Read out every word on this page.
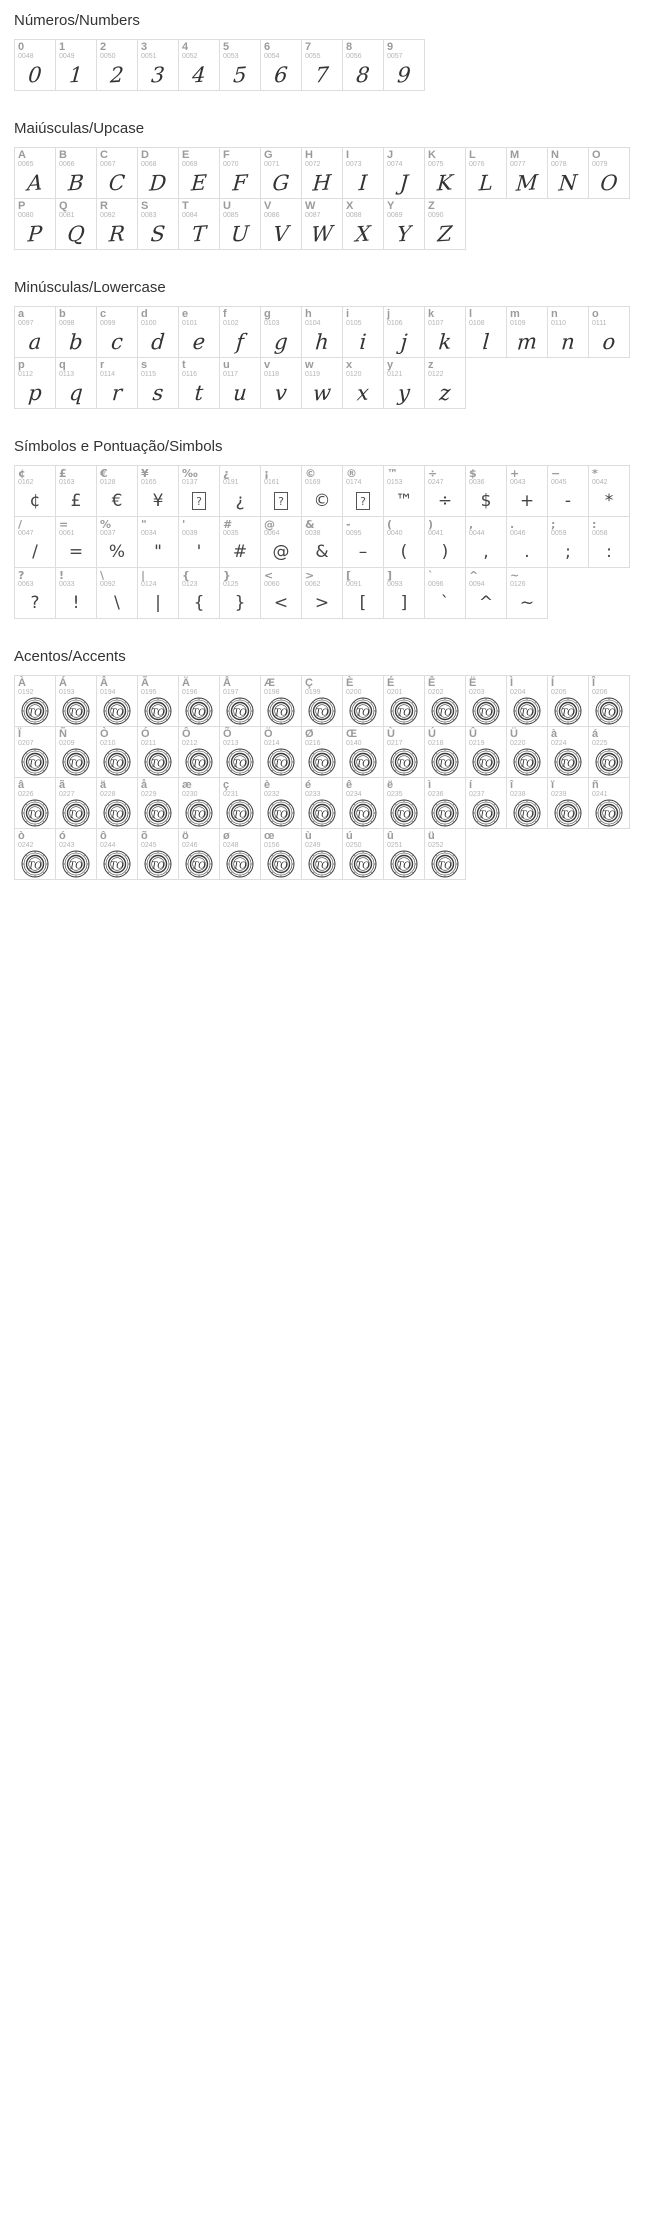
Números/Numbers
0
0048
0
1
0049
1
2
0050
2
3
0051
3
4
0052
4
5
0053
5
6
0054
6
7
0055
7
8
0056
8
9
0057
9
Maiúsculas/Upcase
A
0065
A
B
0066
B
C
0067
C
D
0068
D
E
0069
E
F
0070
F
G
0071
G
H
0072
H
I
0073
I
J
0074
J
K
0075
K
L
0076
L
M
0077
M
N
0078
N
O
0079
O
P
0080
P
Q
0081
Q
R
0082
R
S
0083
S
T
0084
T
U
0085
U
V
0086
V
W
0087
W
X
0088
X
Y
0089
Y
Z
0090
Z
Minúsculas/Lowercase
a
0097
a
b
0098
b
c
0099
c
d
0100
d
e
0101
e
f
0102
f
g
0103
g
h
0104
h
i
0105
i
j
0106
j
k
0107
k
l
0108
l
m
0109
m
n
0110
n
o
0111
o
p
0112
p
q
0113
q
r
0114
r
s
0115
s
t
0116
t
u
0117
u
v
0118
v
w
0119
w
x
0120
x
y
0121
y
z
0122
z
Símbolos e Pontuação/Simbols
¢
0162
¢
£
0163
£
€
0128
€
¥
0165
¥
‰
0137
?
¿
0191
¿
¡
0161
?
©
0169
©
®
0174
?
™
0153
™
÷
0247
÷
$
0036
$
+
0043
+
−
0045
-
*
0042
*
/
0047
/
=
0061
=
%
0037
%
"
0034
"
'
0039
'
#
0035
#
@
0064
@
&
0038
&
-
0095
–
(
0040
(
)
0041
)
,
0044
,
.
0046
.
;
0059
;
:
0058
:
?
0063
?
!
0033
!
\
0092
\
|
0124
|
{
0123
{
}
0125
}
<
0060
<
>
0062
>
[
0091
[
]
0093
]
`
0096
`
^
0094
^
~
0126
~
Acentos/Accents
À
0192
TO
Á
0193
TO
Â
0194
TO
Ã
0195
TO
Ä
0196
TO
Å
0197
TO
Æ
0198
TO
Ç
0199
TO
È
0200
TO
É
0201
TO
Ê
0202
TO
Ë
0203
TO
Ì
0204
TO
Í
0205
TO
Î
0206
TO
Ï
0207
TO
Ñ
0209
TO
Ò
0210
TO
Ó
0211
TO
Ô
0212
TO
Õ
0213
TO
Ö
0214
TO
Ø
0216
TO
Œ
0140
TO
Ù
0217
TO
Ú
0218
TO
Û
0219
TO
Ü
0220
TO
à
0224
TO
á
0225
TO
â
0226
TO
ã
0227
TO
ä
0228
TO
å
0229
TO
æ
0230
TO
ç
0231
TO
è
0232
TO
é
0233
TO
ê
0234
TO
ë
0235
TO
ì
0236
TO
í
0237
TO
î
0238
TO
ï
0239
TO
ñ
0241
TO
ò
0242
TO
ó
0243
TO
ô
0244
TO
õ
0245
TO
ö
0246
TO
ø
0248
TO
œ
0156
TO
ù
0249
TO
ú
0250
TO
û
0251
TO
ü
0252
TO
